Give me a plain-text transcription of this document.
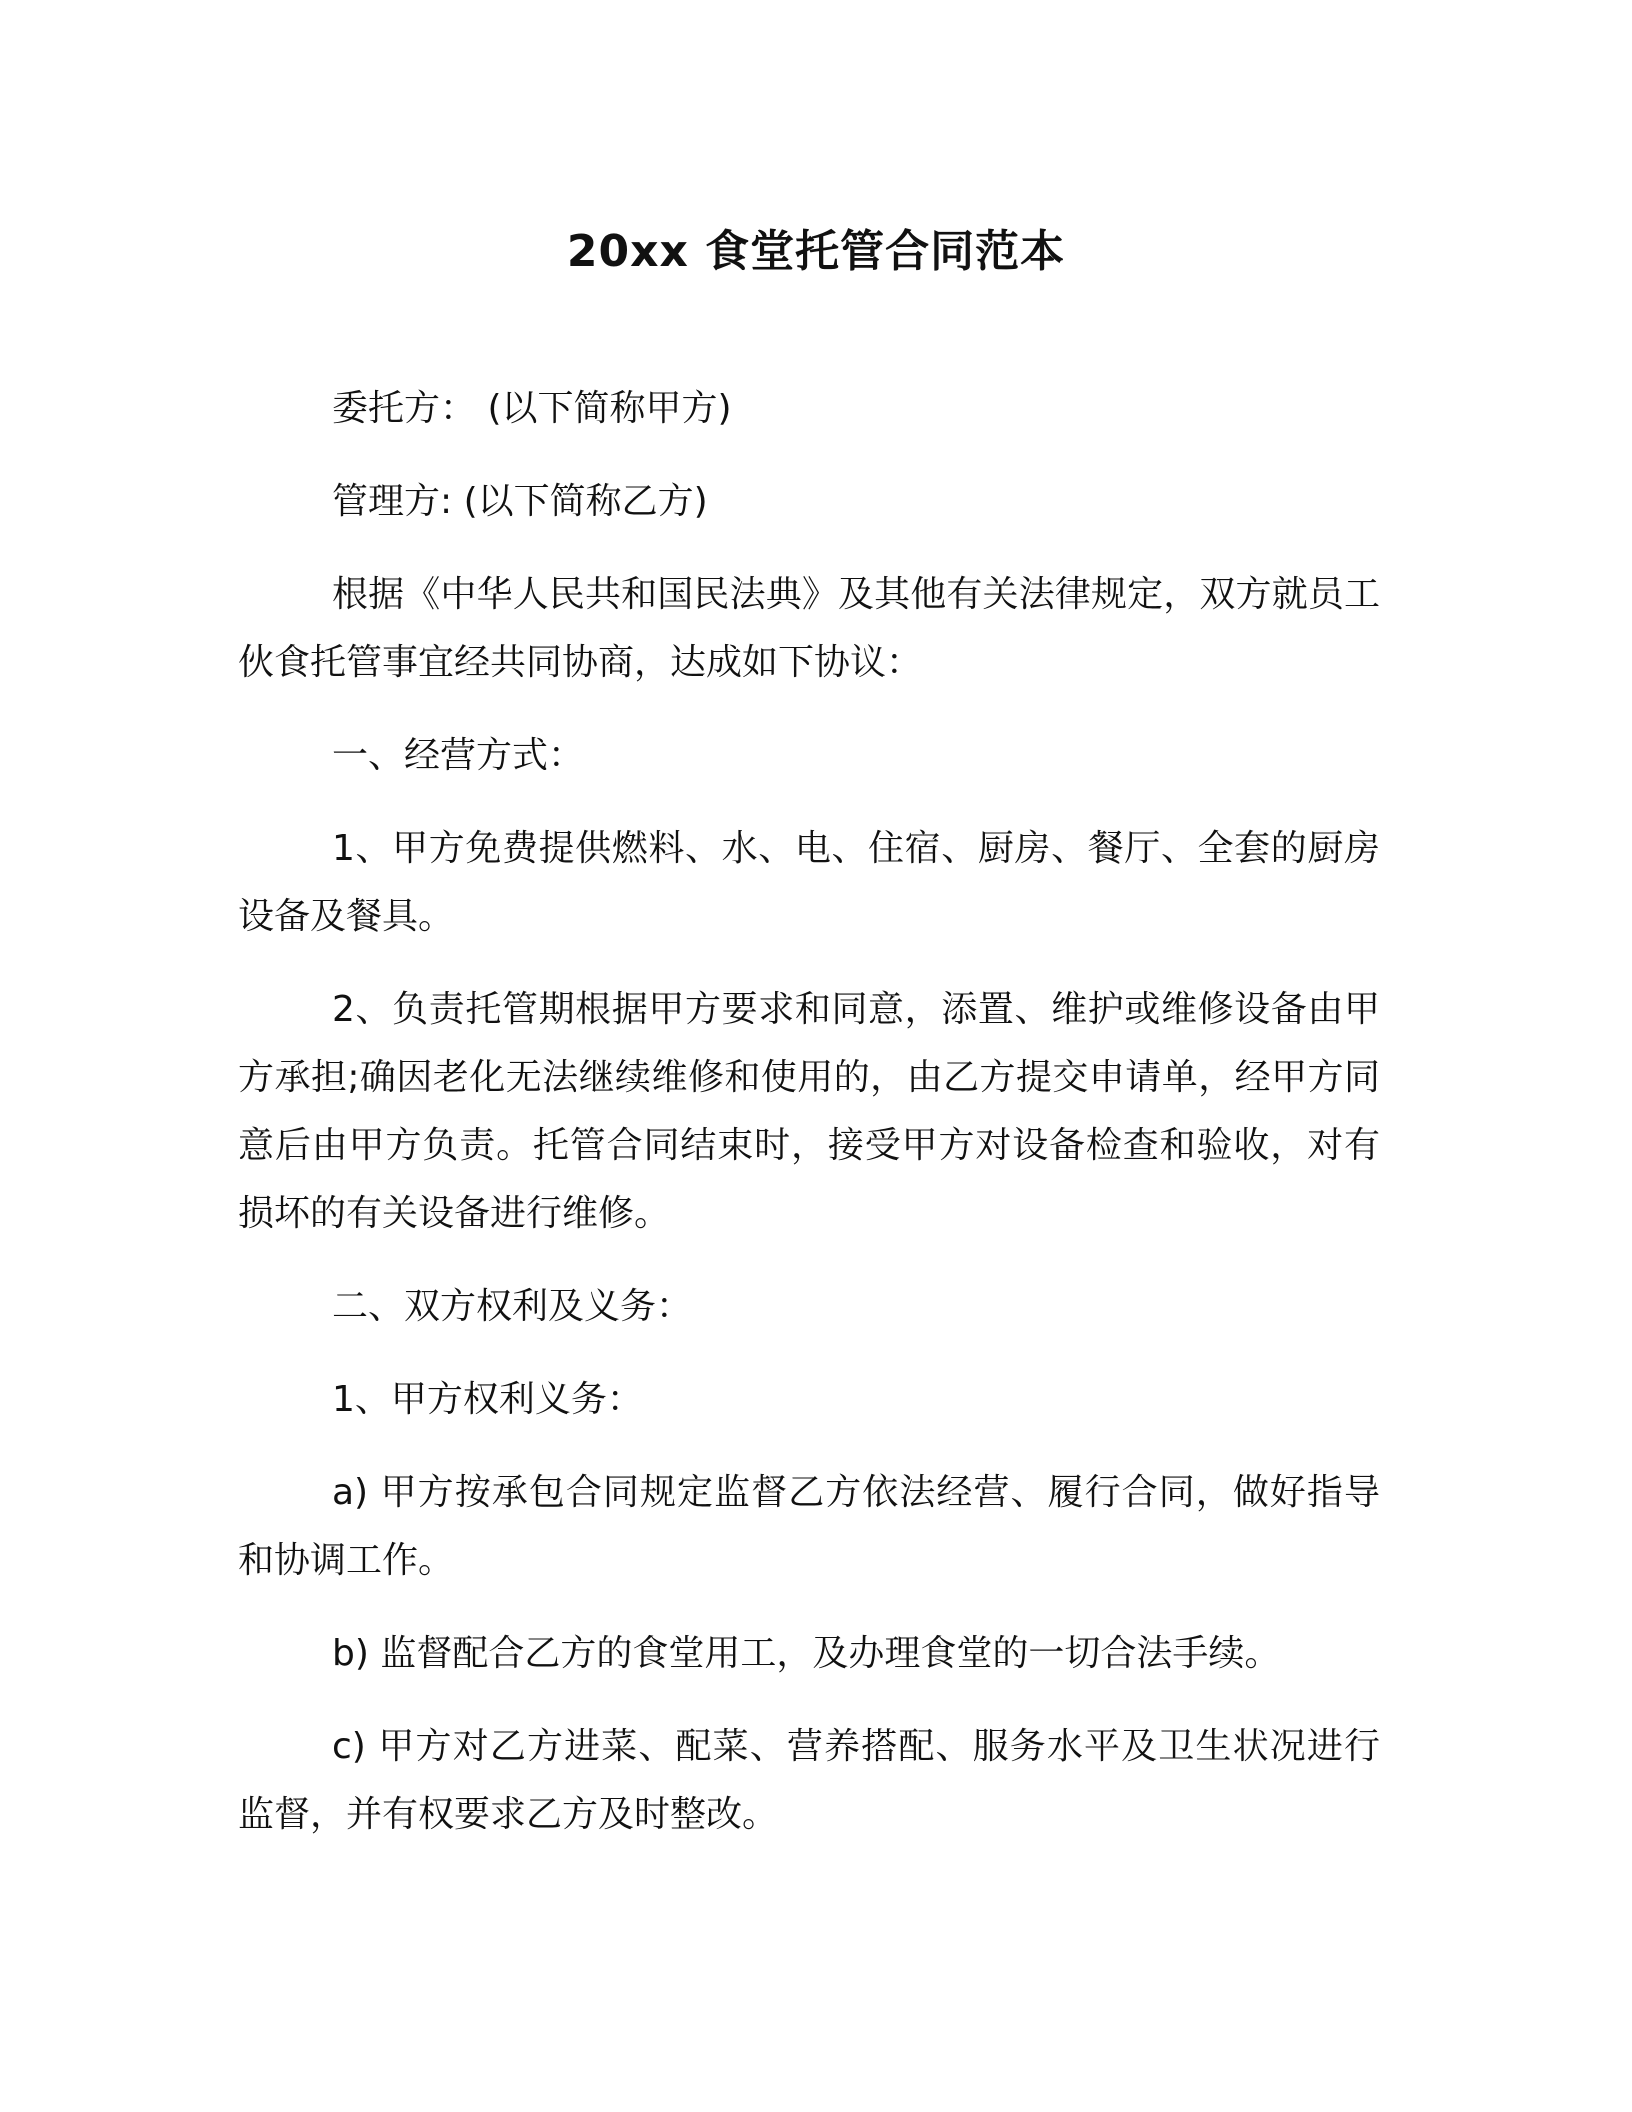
20xx 食堂托管合同范本

委托方： (以下简称甲方)

管理方: (以下简称乙方)

根据《中华人民共和国民法典》及其他有关法律规定，双方就员工伙食托管事宜经共同协商，达成如下协议：

一、经营方式：

1、甲方免费提供燃料、水、电、住宿、厨房、餐厅、全套的厨房设备及餐具。

2、负责托管期根据甲方要求和同意，添置、维护或维修设备由甲方承担;确因老化无法继续维修和使用的，由乙方提交申请单，经甲方同意后由甲方负责。托管合同结束时，接受甲方对设备检查和验收，对有损坏的有关设备进行维修。

二、双方权利及义务：

1、甲方权利义务：

a) 甲方按承包合同规定监督乙方依法经营、履行合同，做好指导和协调工作。

b) 监督配合乙方的食堂用工，及办理食堂的一切合法手续。

c) 甲方对乙方进菜、配菜、营养搭配、服务水平及卫生状况进行监督，并有权要求乙方及时整改。
